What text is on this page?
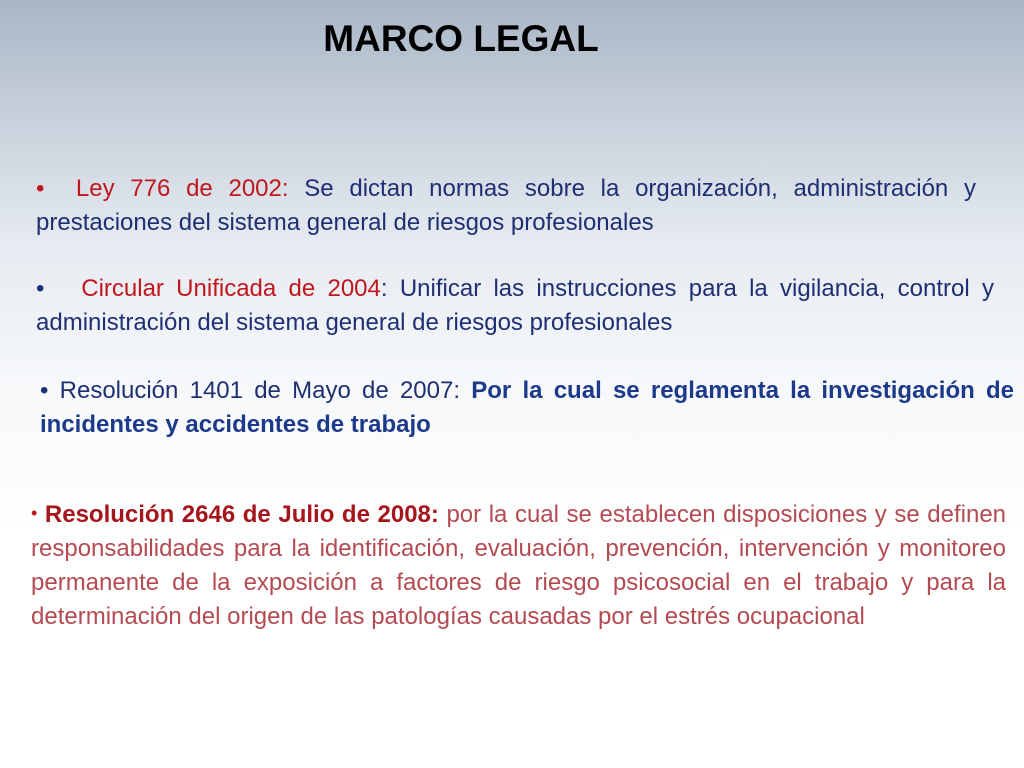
MARCO LEGAL

• Ley 776 de 2002: Se dictan normas sobre la organización, administración y prestaciones del sistema general de riesgos profesionales

• Circular Unificada de 2004: Unificar las instrucciones para la vigilancia, control y administración del sistema general de riesgos profesionales

• Resolución 1401 de Mayo de 2007: Por la cual se reglamenta la investigación de incidentes y accidentes de trabajo

• Resolución 2646 de Julio de 2008: por la cual se establecen disposiciones y se definen responsabilidades para la identificación, evaluación, prevención, intervención y monitoreo permanente de la exposición a factores de riesgo psicosocial en el trabajo y para la determinación del origen de las patologías causadas por el estrés ocupacional
